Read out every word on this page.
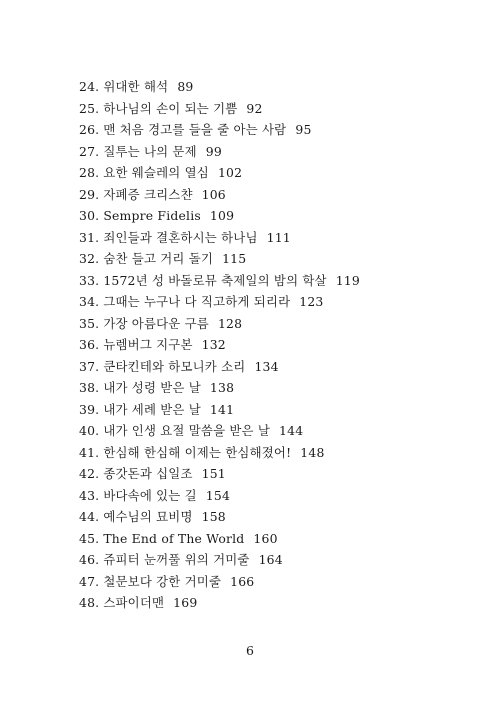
24. 위대한 해석 89
25. 하나님의 손이 되는 기쁨 92
26. 맨 처음 경고를 들을 줄 아는 사람 95
27. 질투는 나의 문제 99
28. 요한 웨슬레의 열심 102
29. 자폐증 크리스챤 106
30. Sempre Fidelis 109
31. 죄인들과 결혼하시는 하나님 111
32. 숨찬 들고 거리 돌기 115
33. 1572년 성 바돌로뮤 축제일의 밤의 학살 119
34. 그때는 누구나 다 직고하게 되리라 123
35. 가장 아름다운 구름 128
36. 뉴렘버그 지구본 132
37. 쿤타킨테와 하모니카 소리 134
38. 내가 성령 받은 날 138
39. 내가 세례 받은 날 141
40. 내가 인생 요절 말씀을 받은 날 144
41. 한심해 한심해 이제는 한심해졌어! 148
42. 종갓돈과 십일조 151
43. 바다속에 있는 길 154
44. 예수님의 묘비명 158
45. The End of The World 160
46. 쥬피터 눈꺼풀 위의 거미줄 164
47. 철문보다 강한 거미줄 166
48. 스파이더맨 169
6
